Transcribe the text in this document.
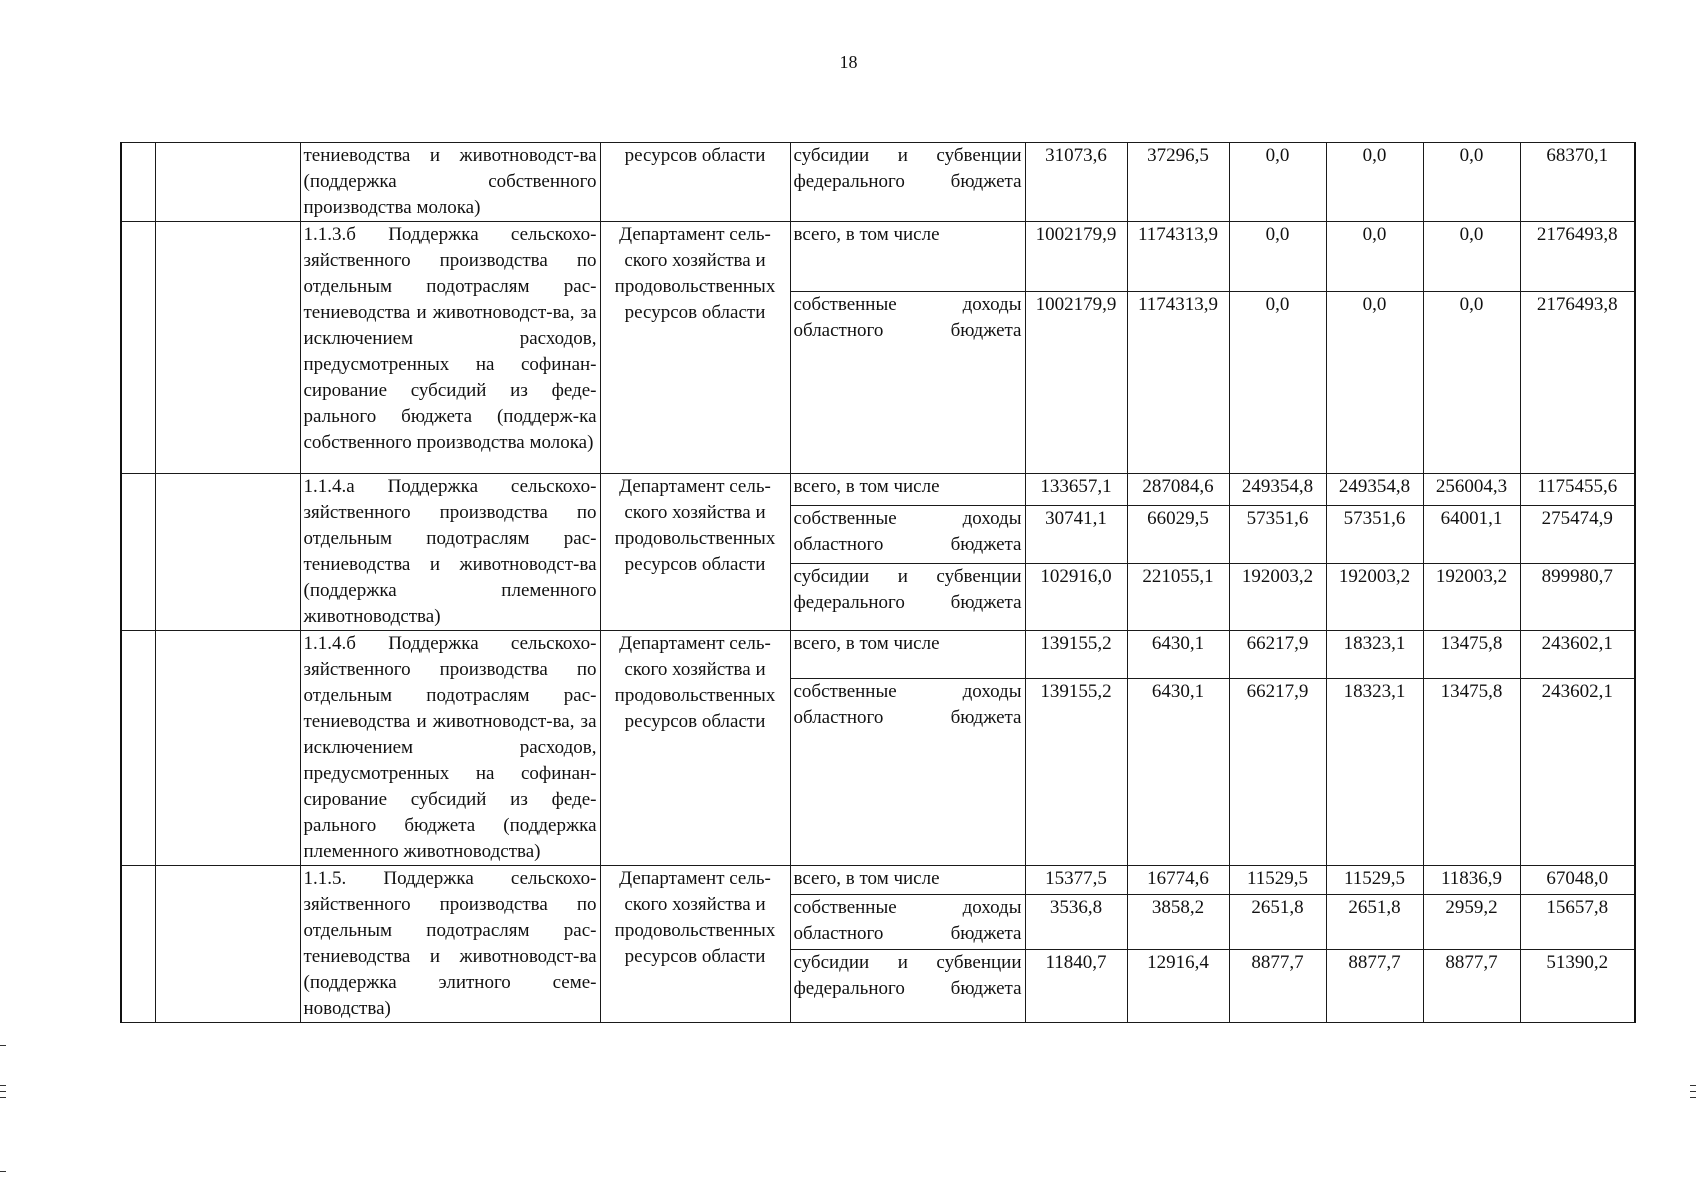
18
		тениеводства и животноводст-ва (поддержка собственного производства молока)	ресурсов области	субсидии и субвенции
федерального бюджета	31073,6	37296,5	0,0	0,0	0,0	68370,1
		1.1.3.б Поддержка сельскохо-зяйственного производства по отдельным подотраслям рас-тениеводства и животноводст-ва, за исключением расходов, предусмотренных на софинан-сирование субсидий из феде-рального бюджета (поддерж-ка собственного производства молока)	Департамент сель-ского хозяйства и продовольственных ресурсов области	всего, в том числе	1002179,9	1174313,9	0,0	0,0	0,0	2176493,8

				собственные доходы
областного бюджета	1002179,9	1174313,9	0,0	0,0	0,0	2176493,8
		1.1.4.а Поддержка сельскохо-зяйственного производства по отдельным подотраслям рас-тениеводства и животноводст-ва (поддержка племенного животноводства)	Департамент сель-ского хозяйства и продовольственных ресурсов области	всего, в том числе	133657,1	287084,6	249354,8	249354,8	256004,3	1175455,6

				собственные доходы
областного бюджета	30741,1	66029,5	57351,6	57351,6	64001,1	275474,9

				субсидии и субвенции
федерального бюджета	102916,0	221055,1	192003,2	192003,2	192003,2	899980,7
		1.1.4.б Поддержка сельскохо-зяйственного производства по отдельным подотраслям рас-тениеводства и животноводст-ва, за исключением расходов, предусмотренных на софинан-сирование субсидий из феде-рального бюджета (поддержка племенного животноводства)	Департамент сель-ского хозяйства и продовольственных ресурсов области	всего, в том числе	139155,2	6430,1	66217,9	18323,1	13475,8	243602,1

				собственные доходы
областного бюджета	139155,2	6430,1	66217,9	18323,1	13475,8	243602,1
		1.1.5. Поддержка сельскохо-зяйственного производства по отдельным подотраслям рас-тениеводства и животноводст-ва (поддержка элитного семе-новодства)	Департамент сель-ского хозяйства и продовольственных ресурсов области	всего, в том числе	15377,5	16774,6	11529,5	11529,5	11836,9	67048,0

				собственные доходы
областного бюджета	3536,8	3858,2	2651,8	2651,8	2959,2	15657,8

				субсидии и субвенции
федерального бюджета	11840,7	12916,4	8877,7	8877,7	8877,7	51390,2
